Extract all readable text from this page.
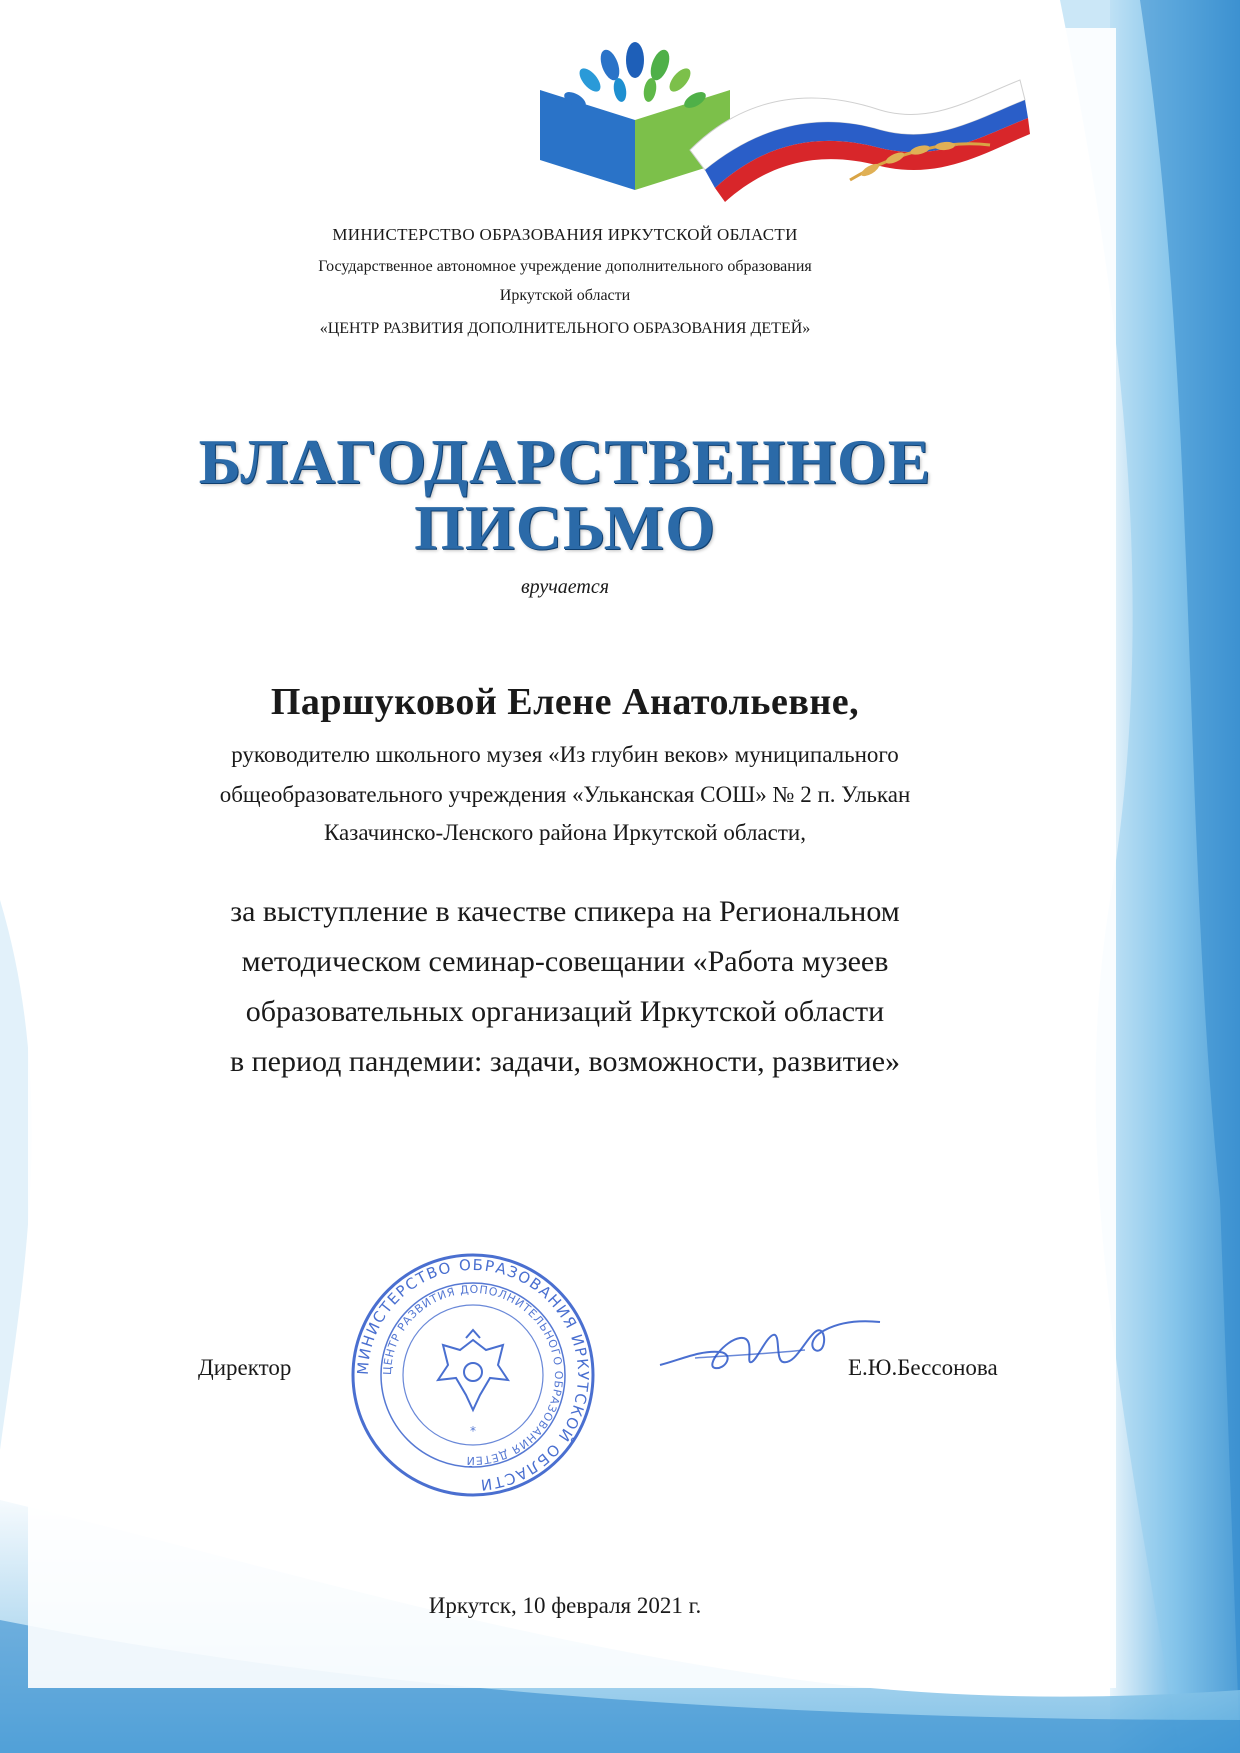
МИНИСТЕРСТВО ОБРАЗОВАНИЯ ИРКУТСКОЙ ОБЛАСТИ
Государственное автономное учреждение дополнительного образования
Иркутской области
«ЦЕНТР РАЗВИТИЯ ДОПОЛНИТЕЛЬНОГО ОБРАЗОВАНИЯ ДЕТЕЙ»
БЛАГОДАРСТВЕННОЕ
ПИСЬМО
вручается
Паршуковой Елене Анатольевне,
руководителю школьного музея «Из глубин веков» муниципального
общеобразовательного учреждения «Ульканская СОШ» № 2 п. Улькан
Казачинско-Ленского района Иркутской области,
за выступление в качестве спикера на Региональном
методическом семинар-совещании «Работа музеев
образовательных организаций Иркутской области
в период пандемии: задачи, возможности, развитие»
Директор	МИНИСТЕРСТВО ОБРАЗОВАНИЯ ИРКУТСКОЙ ОБЛАСТИ
ЦЕНТР РАЗВИТИЯ ДОПОЛНИТЕЛЬНОГО ОБРАЗОВАНИЯ ДЕТЕЙ
*
Е.Ю.Бессонова
Иркутск, 10 февраля 2021 г.
